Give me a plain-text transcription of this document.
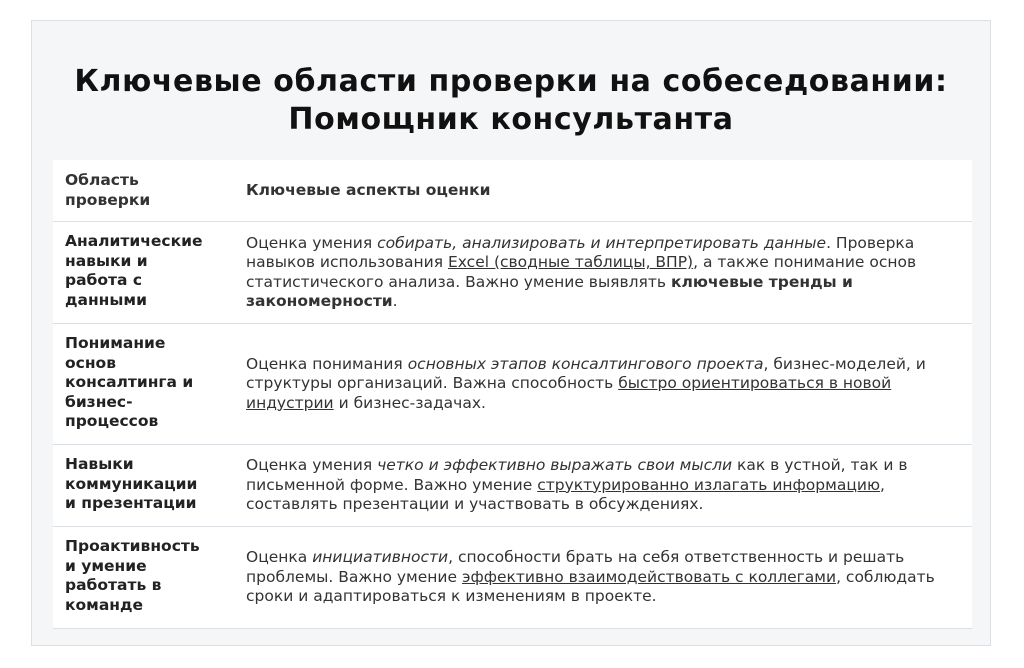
Ключевые области проверки на собеседовании:
Помощник консультанта
Область проверки	Ключевые аспекты оценки
Аналитические навыки и работа с данными	Оценка умения собирать, анализировать и интерпретировать данные. Проверка навыков использования Excel (сводные таблицы, ВПР), а также понимание основ статистического анализа. Важно умение выявлять ключевые тренды и закономерности.
Понимание основ консалтинга и бизнес-процессов	Оценка понимания основных этапов консалтингового проекта, бизнес-моделей, и структуры организаций. Важна способность быстро ориентироваться в новой индустрии и бизнес-задачах.
Навыки коммуникации и презентации	Оценка умения четко и эффективно выражать свои мысли как в устной, так и в письменной форме. Важно умение структурированно излагать информацию, составлять презентации и участвовать в обсуждениях.
Проактивность и умение работать в команде	Оценка инициативности, способности брать на себя ответственность и решать проблемы. Важно умение эффективно взаимодействовать с коллегами, соблюдать сроки и адаптироваться к изменениям в проекте.
